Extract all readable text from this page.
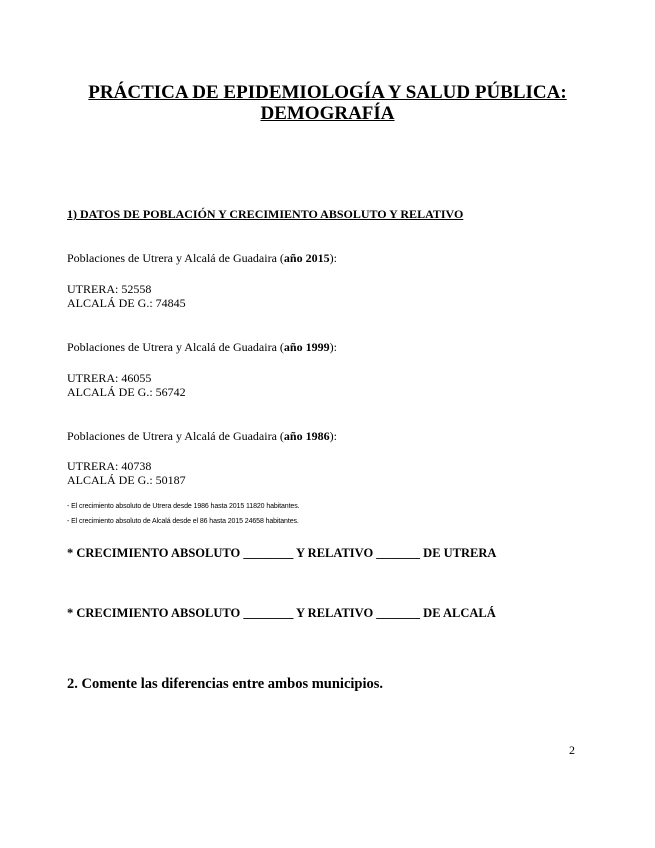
PRÁCTICA DE EPIDEMIOLOGÍA Y SALUD PÚBLICA:
DEMOGRAFÍA
1) DATOS DE POBLACIÓN Y CRECIMIENTO ABSOLUTO Y RELATIVO
Poblaciones de Utrera y Alcalá de Guadaira (año 2015):
UTRERA: 52558
ALCALÁ DE G.: 74845
Poblaciones de Utrera y Alcalá de Guadaira (año 1999):
UTRERA: 46055
ALCALÁ DE G.: 56742
Poblaciones de Utrera y Alcalá de Guadaira (año 1986):
UTRERA: 40738
ALCALÁ DE G.: 50187
- El crecimiento absoluto de Utrera desde 1986 hasta 2015 11820 habitantes.
- El crecimiento absoluto de Alcalá desde el 86 hasta 2015 24658 habitantes.
* CRECIMIENTO ABSOLUTO ________ Y RELATIVO _______ DE UTRERA
* CRECIMIENTO ABSOLUTO ________ Y RELATIVO _______ DE ALCALÁ
2. Comente las diferencias entre ambos municipios.
2
